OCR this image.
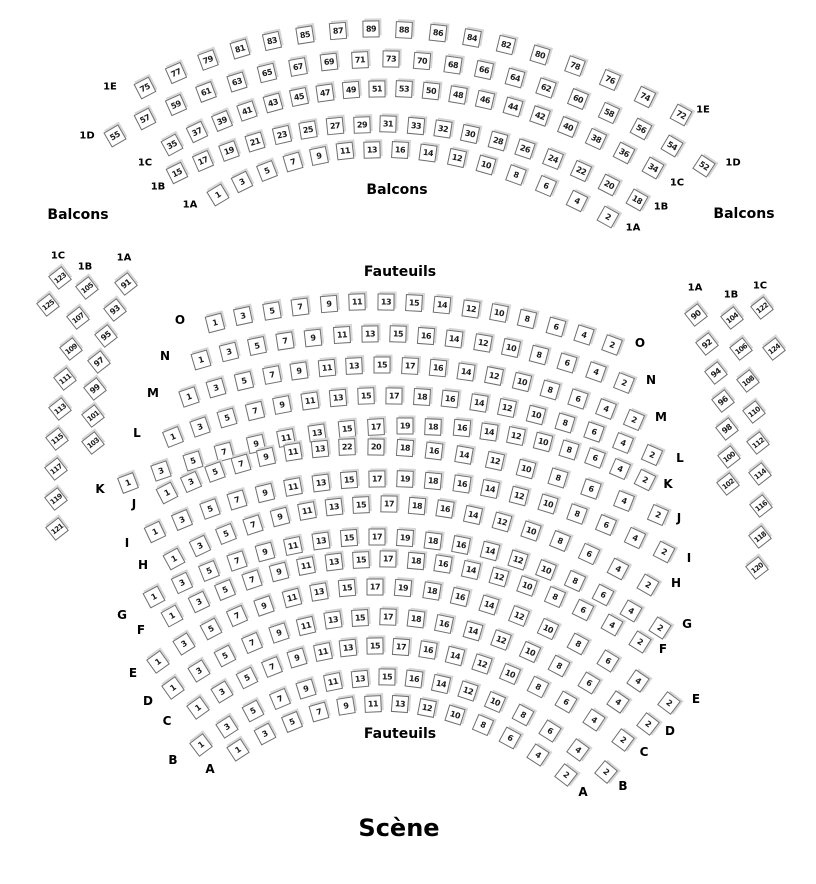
Balcons
Balcons
Balcons
Fauteuils
Fauteuils
Scène
75
77
79
81
83
85	87	89	88	86	84
82
80
78
76
74
72
1E
1E
55
57
59
61
63
65
67	69	71	73	70	68
66
64
62
60
58
56
54
52
1D
1D
35
37
39
41
43
45	47	49	51	53	50	48	46
44
42
40
38
36
34
1C
1C
15
17
19
21
23	25	27	29	31	33	32	30
28
26
24
22
20
18
1B
1B
1
3
5
7
9	11	13	16	14	12
10
8
6
4
2
1A
1A
1
3
5	7	9	11	13	15	14	12	10
8
6
4
2
O
O
1
3
5
7	9	11	13	15	16	14	12	10
8
6
4
2
N
N
1
3
5
7	9	11	13	15	17	16	14	12
10
8
6
4
2
M
M
1
3
5
7
9	11	13	15	17	18	16	14	12
10
8
6
4
2
L
L
1
3
5
7
9
11	13	15	17	19	18	16	14	12
10
8
6
4
2
K	K
1
3
5
7
9	11	13	22	20	18	16	14
12
10
8
6
4
2
J
J
1
3
5
7
9
11	13	15	17	19	18	16	14
12
10
8
6
4
2
I
I
1
3
5
7
9
11	13	15	17	18	16	14
12
10
8
6
4
2
H
H
1
3
5
7
9
11	13	15	17	19	18	16
14
12
10
8
6
4
2
G
G
1
3
5
7
9
11	13	15	17	18	16	14
12
10
8
6
4
2
F
F
1
3
5
7
9
11
13	15	17	19	18
16
14
12
10
8
6
4
2
E
E
1
3
5
7
9
11	13	15	17	18	16
14
12
10
8
6
4
2
D
D
1
3
5
7
9
11	13	15	17	16
14
12
10
8
6
4
2
C
C
1
3
5
7
9
11	13	15	16	14
12
10
8
6
4
2
B
B
1
3
5
7
9	11	13	12
10
8
6
4
2
A
A
123
125
1C
105
107
109
111
113
115
117
119
121
1B
91
93
95
97
99
101
103
1A
90
92
94
96
98
100
102
1A
104
106
108
110
112
114
116
118
120
1B
122
124
1C
